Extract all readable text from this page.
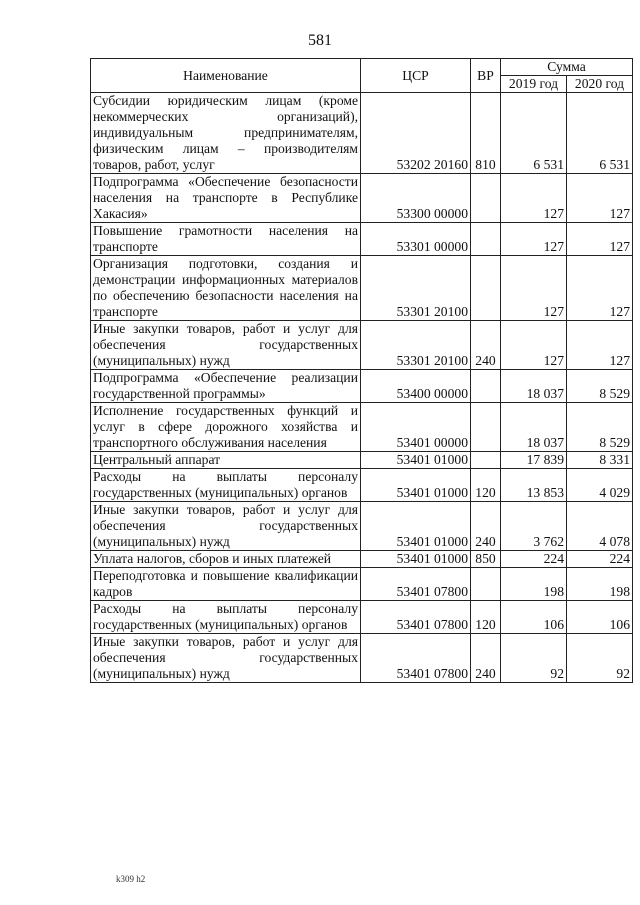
581
Наименование	ЦСР	ВР	Сумма	
			2019 год	2020 год
Субсидии юридическим лицам (кроме некоммерческих организаций), индивидуальным предпринимателям, физическим лицам – производителям товаров, работ, услуг	53202 20160	810	6 531	6 531
Подпрограмма «Обеспечение безопасности населения на транспорте в Республике Хакасия»	53300 00000		127	127
Повышение грамотности населения на транспорте	53301 00000		127	127
Организация подготовки, создания и демонстрации информационных материалов по обеспечению безопасности населения на транспорте	53301 20100		127	127
Иные закупки товаров, работ и услуг для обеспечения государственных (муниципальных) нужд	53301 20100	240	127	127
Подпрограмма «Обеспечение реализации государственной программы»	53400 00000		18 037	8 529
Исполнение государственных функций и услуг в сфере дорожного хозяйства и транспортного обслуживания населения	53401 00000		18 037	8 529
Центральный аппарат	53401 01000		17 839	8 331
Расходы на выплаты персоналу государственных (муниципальных) органов	53401 01000	120	13 853	4 029
Иные закупки товаров, работ и услуг для обеспечения государственных (муниципальных) нужд	53401 01000	240	3 762	4 078
Уплата налогов, сборов и иных платежей	53401 01000	850	224	224
Переподготовка и повышение квалификации кадров	53401 07800		198	198
Расходы на выплаты персоналу государственных (муниципальных) органов	53401 07800	120	106	106
Иные закупки товаров, работ и услуг для обеспечения государственных (муниципальных) нужд	53401 07800	240	92	92
k309 h2
